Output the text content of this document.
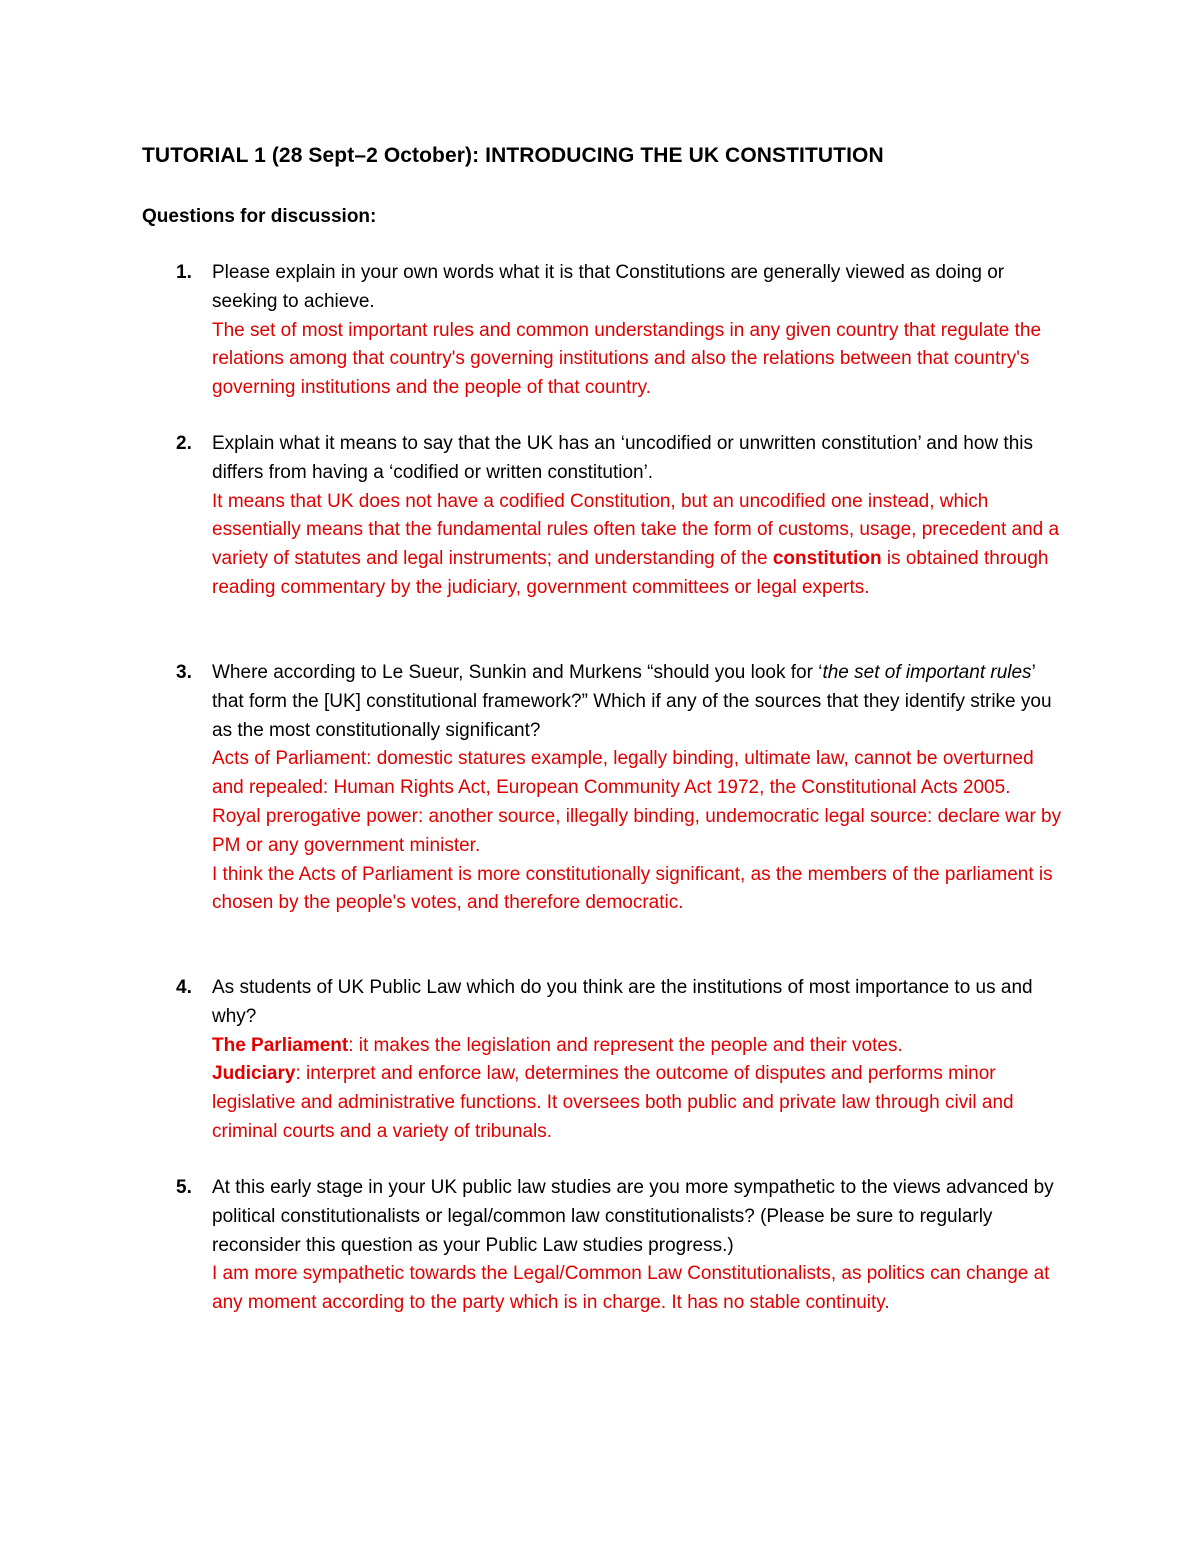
TUTORIAL 1 (28 Sept–2 October): INTRODUCING THE UK CONSTITUTION
Questions for discussion:
1. Please explain in your own words what it is that Constitutions are generally viewed as doing or seeking to achieve.
The set of most important rules and common understandings in any given country that regulate the relations among that country's governing institutions and also the relations between that country's governing institutions and the people of that country.
2. Explain what it means to say that the UK has an ‘uncodified or unwritten constitution’ and how this differs from having a ‘codified or written constitution’.
It means that UK does not have a codified Constitution, but an uncodified one instead, which essentially means that the fundamental rules often take the form of customs, usage, precedent and a variety of statutes and legal instruments; and understanding of the constitution is obtained through reading commentary by the judiciary, government committees or legal experts.
3. Where according to Le Sueur, Sunkin and Murkens “should you look for ‘the set of important rules’ that form the [UK] constitutional framework?” Which if any of the sources that they identify strike you as the most constitutionally significant?
Acts of Parliament: domestic statures example, legally binding, ultimate law, cannot be overturned and repealed: Human Rights Act, European Community Act 1972, the Constitutional Acts 2005.
Royal prerogative power: another source, illegally binding, undemocratic legal source: declare war by PM or any government minister.
I think the Acts of Parliament is more constitutionally significant, as the members of the parliament is chosen by the people's votes, and therefore democratic.
4. As students of UK Public Law which do you think are the institutions of most importance to us and why?
The Parliament: it makes the legislation and represent the people and their votes.
Judiciary: interpret and enforce law, determines the outcome of disputes and performs minor legislative and administrative functions. It oversees both public and private law through civil and criminal courts and a variety of tribunals.
5. At this early stage in your UK public law studies are you more sympathetic to the views advanced by political constitutionalists or legal/common law constitutionalists? (Please be sure to regularly reconsider this question as your Public Law studies progress.)
I am more sympathetic towards the Legal/Common Law Constitutionalists, as politics can change at any moment according to the party which is in charge. It has no stable continuity.
